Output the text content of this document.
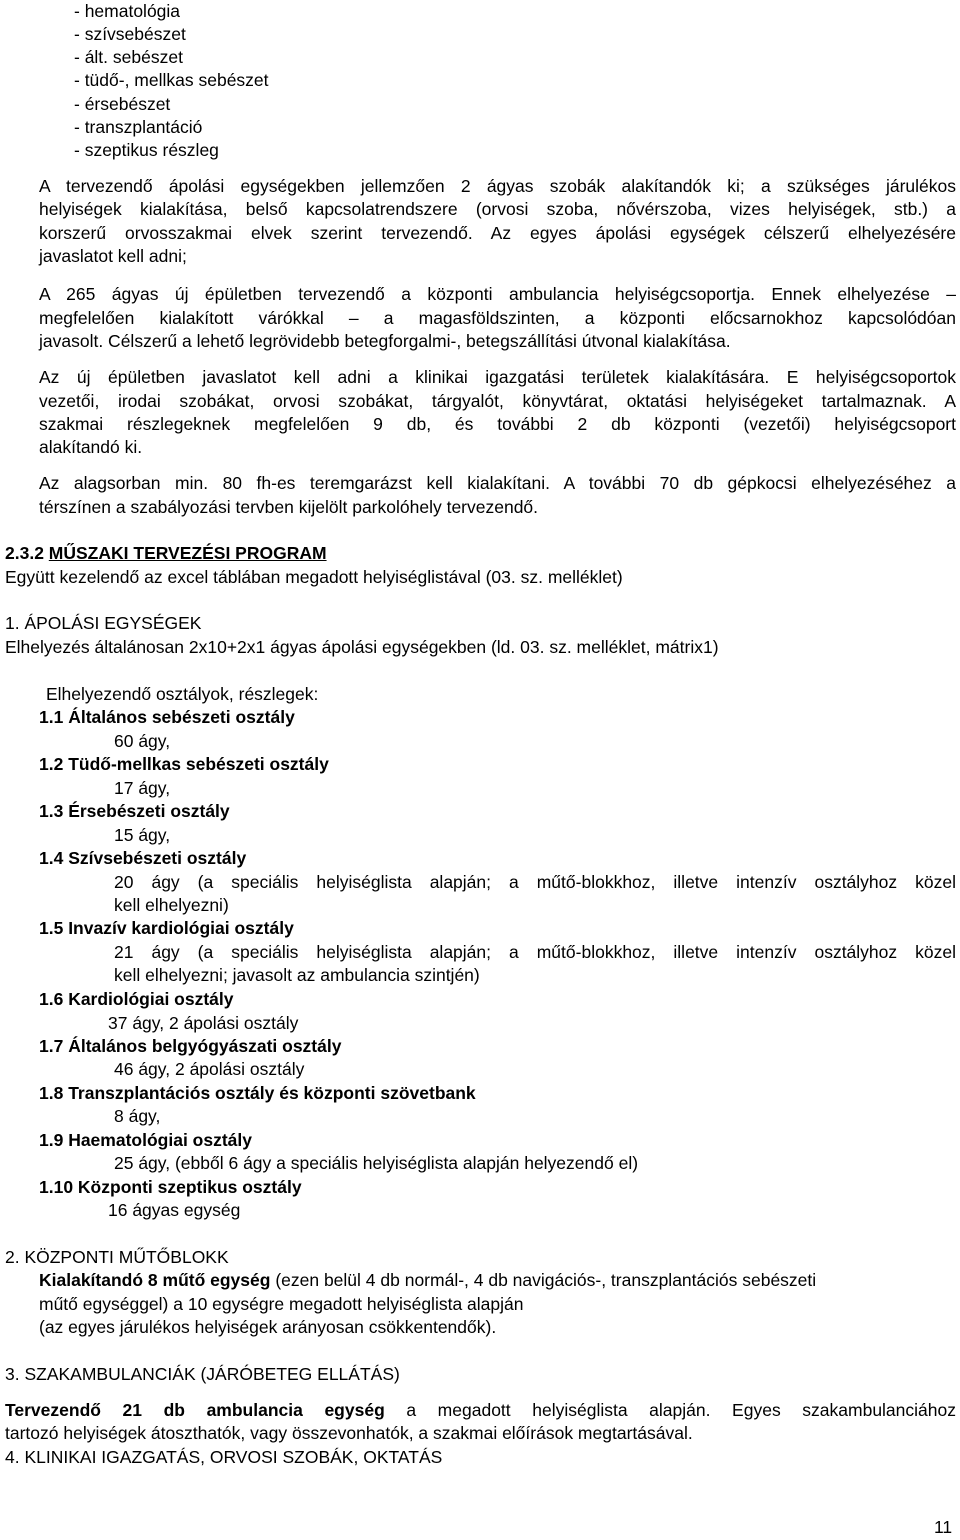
- hematológia
- szívsebészet
- ált. sebészet
- tüdő-, mellkas sebészet
- érsebészet
- transzplantáció
- szeptikus részleg
A tervezendő ápolási egységekben jellemzően 2 ágyas szobák alakítandók ki; a szükséges járulékos
helyiségek kialakítása, belső kapcsolatrendszere (orvosi szoba, nővérszoba, vizes helyiségek, stb.) a
korszerű orvosszakmai elvek szerint tervezendő. Az egyes ápolási egységek célszerű elhelyezésére
javaslatot kell adni;
A 265 ágyas új épületben tervezendő a központi ambulancia helyiségcsoportja. Ennek elhelyezése –
megfelelően kialakított várókkal – a magasföldszinten, a központi előcsarnokhoz kapcsolódóan
javasolt. Célszerű a lehető legrövidebb betegforgalmi-, betegszállítási útvonal kialakítása.
Az új épületben javaslatot kell adni a klinikai igazgatási területek kialakítására. E helyiségcsoportok
vezetői, irodai szobákat, orvosi szobákat, tárgyalót, könyvtárat, oktatási helyiségeket tartalmaznak. A
szakmai részlegeknek megfelelően 9 db, és további 2 db központi (vezetői) helyiségcsoport
alakítandó ki.
Az alagsorban min. 80 fh-es teremgarázst kell kialakítani. A további 70 db gépkocsi elhelyezéséhez a
térszínen a szabályozási tervben kijelölt parkolóhely tervezendő.
2.3.2 MŰSZAKI TERVEZÉSI PROGRAM
Együtt kezelendő az excel táblában megadott helyiséglistával (03. sz. melléklet)
1. ÁPOLÁSI EGYSÉGEK
Elhelyezés általánosan 2x10+2x1 ágyas ápolási egységekben (ld. 03. sz. melléklet, mátrix1)
Elhelyezendő osztályok, részlegek:
1.1 Általános sebészeti osztály
60 ágy,
1.2 Tüdő-mellkas sebészeti osztály
17 ágy,
1.3 Érsebészeti osztály
15 ágy,
1.4 Szívsebészeti osztály
20 ágy (a speciális helyiséglista alapján; a műtő-blokkhoz, illetve intenzív osztályhoz közel
kell elhelyezni)
1.5 Invazív kardiológiai osztály
21 ágy (a speciális helyiséglista alapján; a műtő-blokkhoz, illetve intenzív osztályhoz közel
kell elhelyezni; javasolt az ambulancia szintjén)
1.6 Kardiológiai osztály
37 ágy, 2 ápolási osztály
1.7 Általános belgyógyászati osztály
46 ágy, 2 ápolási osztály
1.8 Transzplantációs osztály és központi szövetbank
8 ágy,
1.9 Haematológiai osztály
25 ágy, (ebből 6 ágy a speciális helyiséglista alapján helyezendő el)
1.10 Központi szeptikus osztály
16 ágyas egység
2. KÖZPONTI MŰTŐBLOKK
Kialakítandó 8 műtő egység (ezen belül 4 db normál-, 4 db navigációs-, transzplantációs sebészeti
műtő egységgel) a 10 egységre megadott helyiséglista alapján
(az egyes járulékos helyiségek arányosan csökkentendők).
3. SZAKAMBULANCIÁK (JÁRÓBETEG ELLÁTÁS)
Tervezendő 21 db ambulancia egység a megadott helyiséglista alapján. Egyes szakambulanciához
tartozó helyiségek átoszthatók, vagy összevonhatók, a szakmai előírások megtartásával.
4. KLINIKAI IGAZGATÁS, ORVOSI SZOBÁK, OKTATÁS
11
